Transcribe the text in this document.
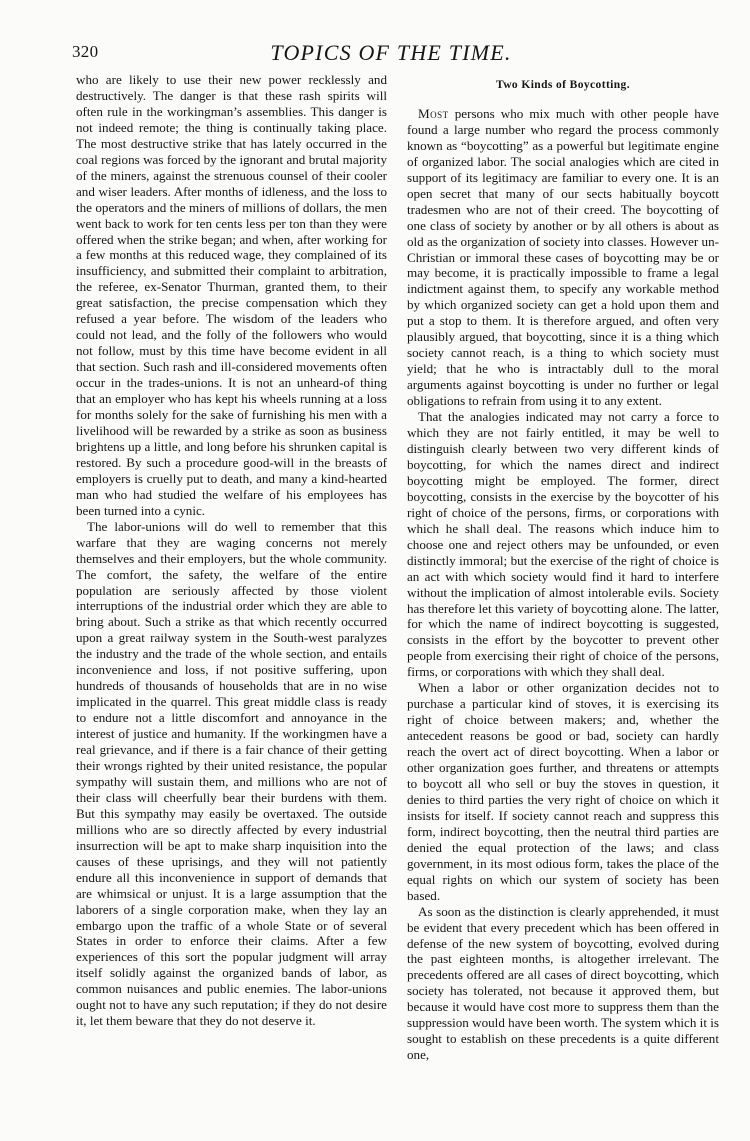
320	TOPICS OF THE TIME.

who are likely to use their new power recklessly and destructively. The danger is that these rash spirits will often rule in the workingman’s assemblies. This danger is not indeed remote; the thing is continually taking place. The most destructive strike that has lately occurred in the coal regions was forced by the ignorant and brutal majority of the miners, against the strenuous counsel of their cooler and wiser leaders. After months of idleness, and the loss to the operators and the miners of millions of dollars, the men went back to work for ten cents less per ton than they were offered when the strike began; and when, after working for a few months at this reduced wage, they complained of its insufficiency, and submitted their complaint to arbitration, the referee, ex-Senator Thurman, granted them, to their great satisfaction, the precise compensation which they refused a year before. The wisdom of the leaders who could not lead, and the folly of the followers who would not follow, must by this time have become evident in all that section. Such rash and ill-considered movements often occur in the trades-unions. It is not an unheard-of thing that an employer who has kept his wheels running at a loss for months solely for the sake of furnishing his men with a livelihood will be rewarded by a strike as soon as business brightens up a little, and long before his shrunken capital is restored. By such a procedure good-will in the breasts of employers is cruelly put to death, and many a kind-hearted man who had studied the welfare of his employees has been turned into a cynic.

The labor-unions will do well to remember that this warfare that they are waging concerns not merely themselves and their employers, but the whole community. The comfort, the safety, the welfare of the entire population are seriously affected by those violent interruptions of the industrial order which they are able to bring about. Such a strike as that which recently occurred upon a great railway system in the South-west paralyzes the industry and the trade of the whole section, and entails inconvenience and loss, if not positive suffering, upon hundreds of thousands of households that are in no wise implicated in the quarrel. This great middle class is ready to endure not a little discomfort and annoyance in the interest of justice and humanity. If the workingmen have a real grievance, and if there is a fair chance of their getting their wrongs righted by their united resistance, the popular sympathy will sustain them, and millions who are not of their class will cheerfully bear their burdens with them. But this sympathy may easily be overtaxed. The outside millions who are so directly affected by every industrial insurrection will be apt to make sharp inquisition into the causes of these uprisings, and they will not patiently endure all this inconvenience in support of demands that are whimsical or unjust. It is a large assumption that the laborers of a single corporation make, when they lay an embargo upon the traffic of a whole State or of several States in order to enforce their claims. After a few experiences of this sort the popular judgment will array itself solidly against the organized bands of labor, as common nuisances and public enemies. The labor-unions ought not to have any such reputation; if they do not desire it, let them beware that they do not deserve it.

Two Kinds of Boycotting.

Most persons who mix much with other people have found a large number who regard the process commonly known as “boycotting” as a powerful but legitimate engine of organized labor. The social analogies which are cited in support of its legitimacy are familiar to every one. It is an open secret that many of our sects habitually boycott tradesmen who are not of their creed. The boycotting of one class of society by another or by all others is about as old as the organization of society into classes. However un-Christian or immoral these cases of boycotting may be or may become, it is practically impossible to frame a legal indictment against them, to specify any workable method by which organized society can get a hold upon them and put a stop to them. It is therefore argued, and often very plausibly argued, that boycotting, since it is a thing which society cannot reach, is a thing to which society must yield; that he who is intractably dull to the moral arguments against boycotting is under no further or legal obligations to refrain from using it to any extent.

That the analogies indicated may not carry a force to which they are not fairly entitled, it may be well to distinguish clearly between two very different kinds of boycotting, for which the names direct and indirect boycotting might be employed. The former, direct boycotting, consists in the exercise by the boycotter of his right of choice of the persons, firms, or corporations with which he shall deal. The reasons which induce him to choose one and reject others may be unfounded, or even distinctly immoral; but the exercise of the right of choice is an act with which society would find it hard to interfere without the implication of almost intolerable evils. Society has therefore let this variety of boycotting alone. The latter, for which the name of indirect boycotting is suggested, consists in the effort by the boycotter to prevent other people from exercising their right of choice of the persons, firms, or corporations with which they shall deal.

When a labor or other organization decides not to purchase a particular kind of stoves, it is exercising its right of choice between makers; and, whether the antecedent reasons be good or bad, society can hardly reach the overt act of direct boycotting. When a labor or other organization goes further, and threatens or attempts to boycott all who sell or buy the stoves in question, it denies to third parties the very right of choice on which it insists for itself. If society cannot reach and suppress this form, indirect boycotting, then the neutral third parties are denied the equal protection of the laws; and class government, in its most odious form, takes the place of the equal rights on which our system of society has been based.

As soon as the distinction is clearly apprehended, it must be evident that every precedent which has been offered in defense of the new system of boycotting, evolved during the past eighteen months, is altogether irrelevant. The precedents offered are all cases of direct boycotting, which society has tolerated, not because it approved them, but because it would have cost more to suppress them than the suppression would have been worth. The system which it is sought to establish on these precedents is a quite different one,
